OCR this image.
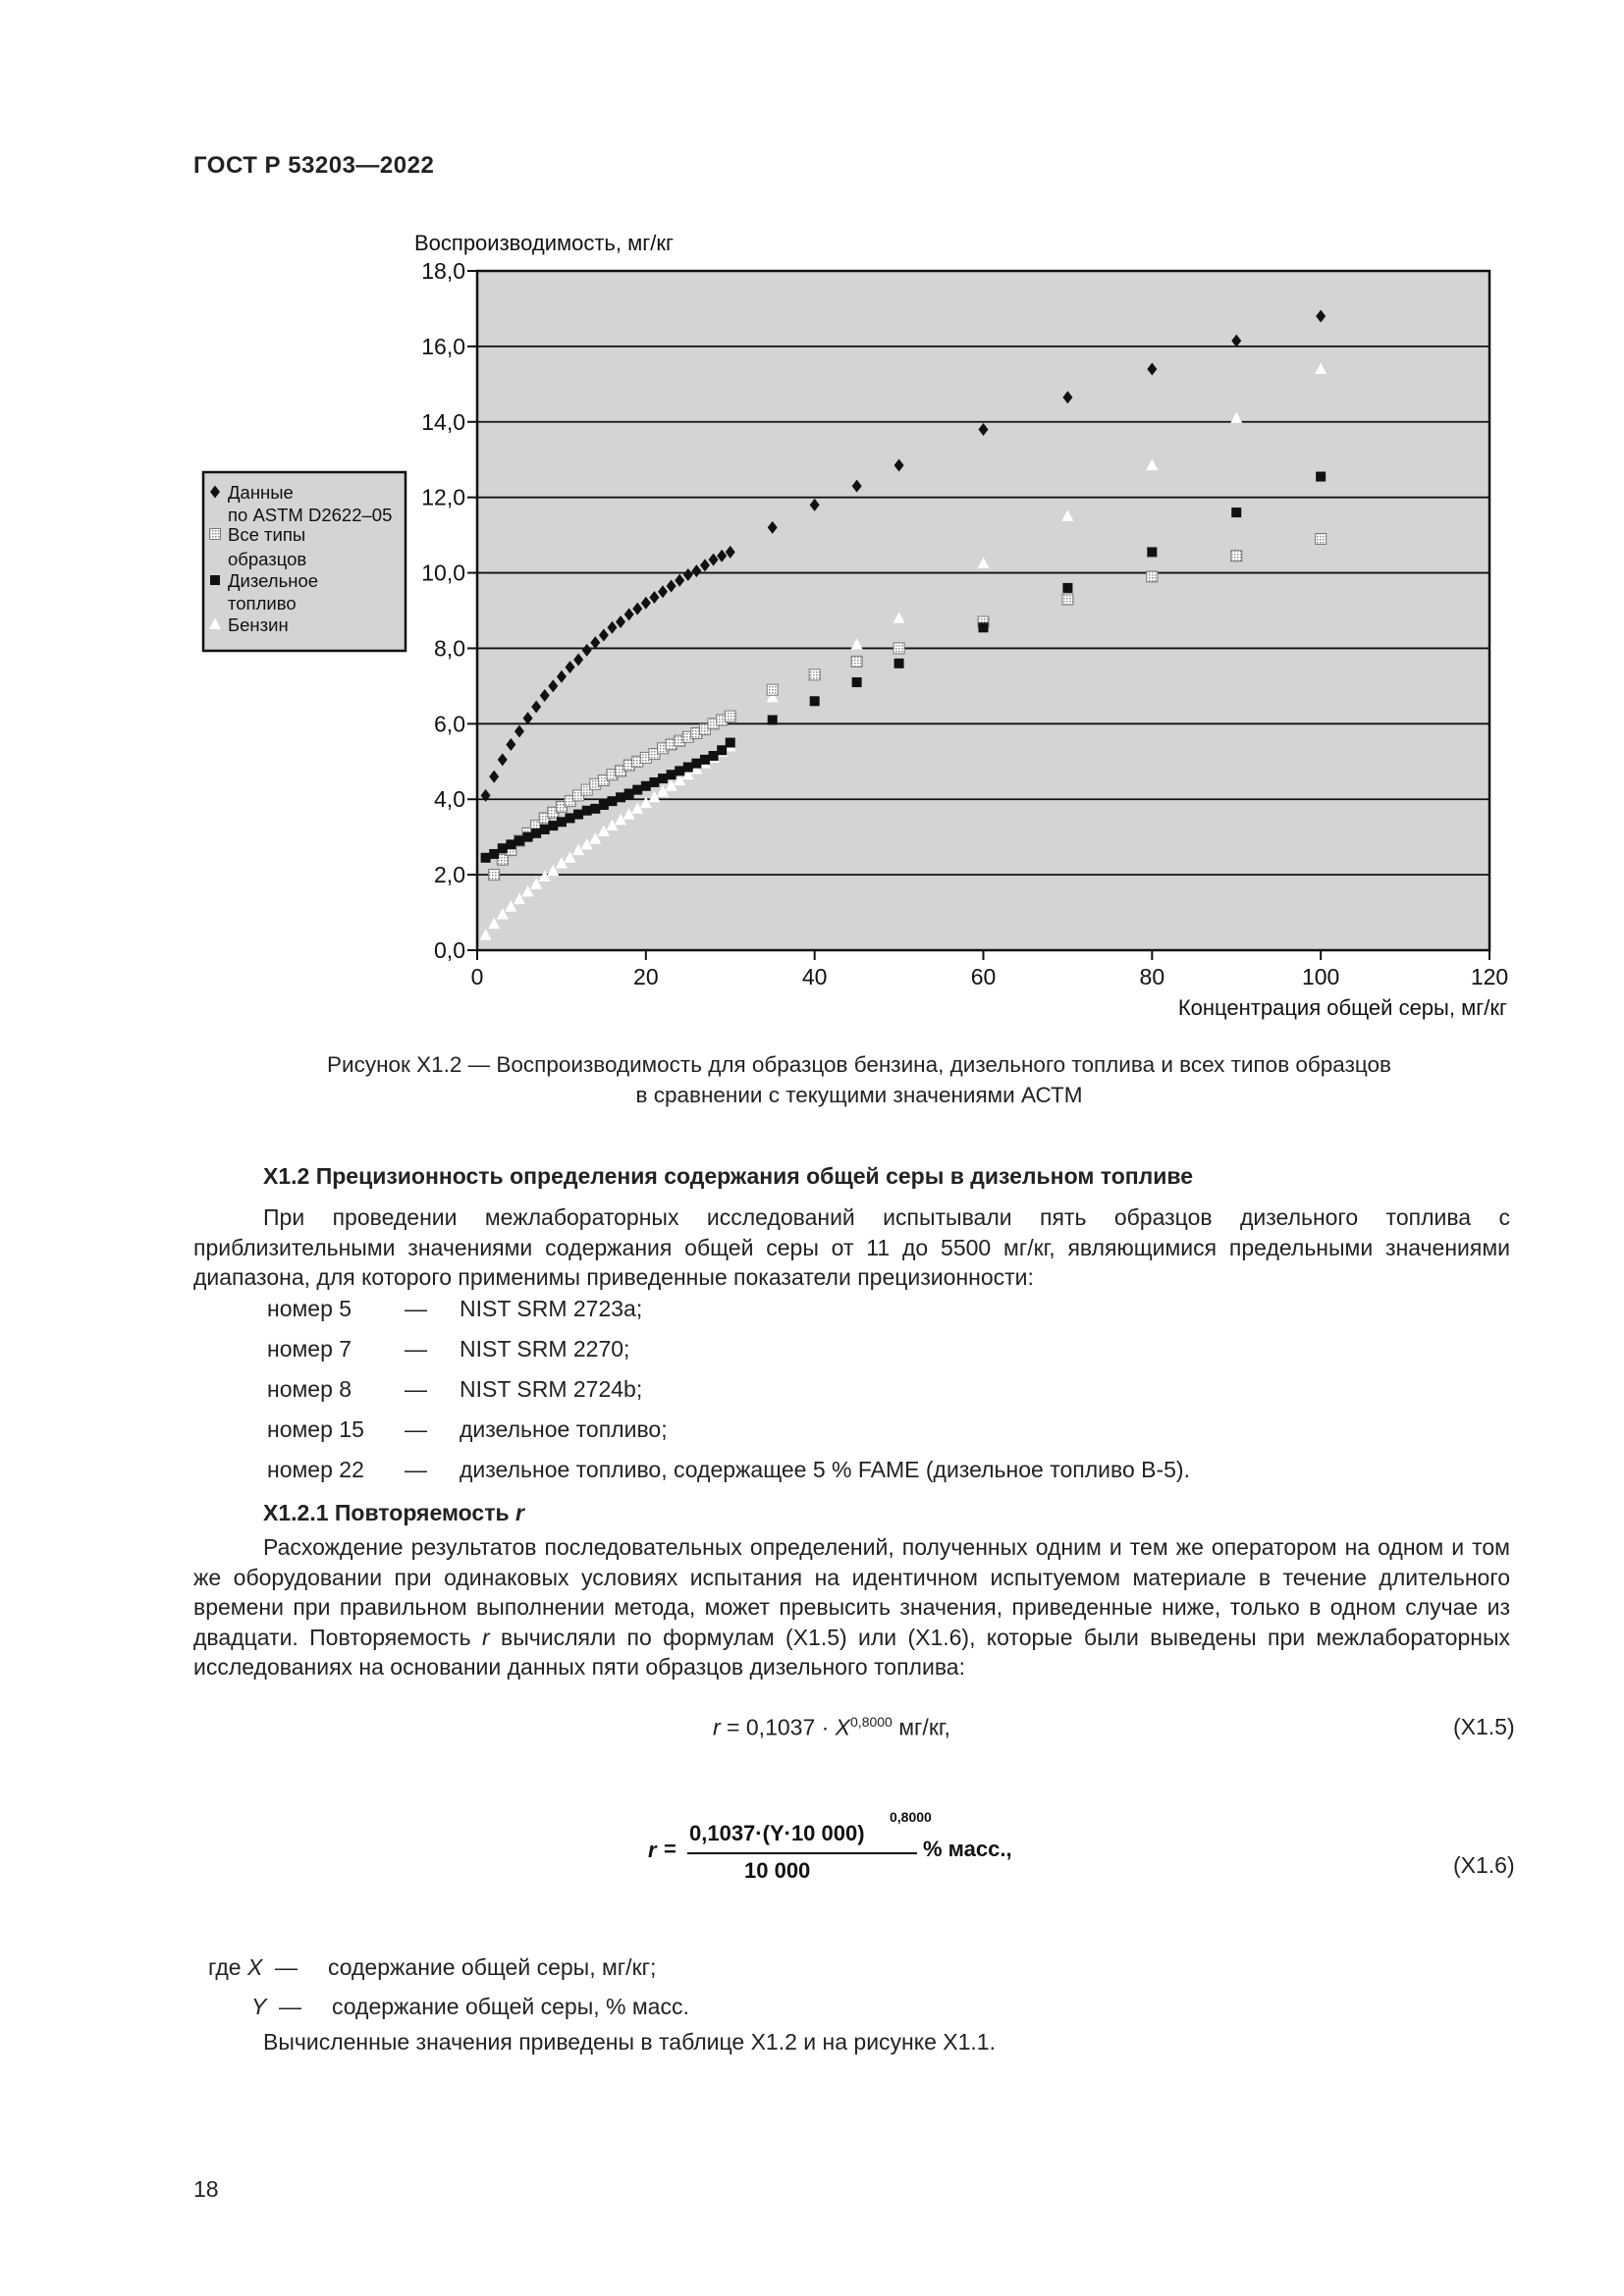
ГОСТ Р 53203—2022
0,0
2,0
4,0
6,0
8,0
10,0
12,0
14,0
16,0
18,0
0	20	40	60	80	100	120
Воспроизводимость, мг/кг
Концентрация общей серы, мг/кг
Данные
по ASTM D2622–05
Все типы
образцов
Дизельное
топливо
Бензин
Рисунок Х1.2 — Воспроизводимость для образцов бензина, дизельного топлива и всех типов образцов
в сравнении с текущими значениями АСТМ
Х1.2 Прецизионность определения содержания общей серы в дизельном топливе
При проведении межлабораторных исследований испытывали пять образцов дизельного топлива с приблизительными значениями содержания общей серы от 11 до 5500 мг/кг, являющимися предельными значениями диапазона, для которого применимы приведенные показатели прецизионности:
номер 5	—	NIST SRM 2723a;
номер 7	—	NIST SRM 2270;
номер 8	—	NIST SRM 2724b;
номер 15	—	дизельное топливо;
номер 22	—	дизельное топливо, содержащее 5 % FAME (дизельное топливо В-5).
Х1.2.1 Повторяемость r
Расхождение результатов последовательных определений, полученных одним и тем же оператором на одном и том же оборудовании при одинаковых условиях испытания на идентичном испытуемом материале в течение длительного времени при правильном выполнении метода, может превысить значения, приведенные ниже, только в одном случае из двадцати. Повторяемость r вычисляли по формулам (Х1.5) или (Х1.6), которые были выведены при межлабораторных исследованиях на основании данных пяти образцов дизельного топлива:
$r = 0,1037 \cdot X^{0,8000}$ мг/кг,	(Х1.5)
r =
0,1037·(Y·10 000)
0,8000
10 000
% масс.,
(Х1.6)
где X — содержание общей серы, мг/кг;
Y — содержание общей серы, % масс.
Вычисленные значения приведены в таблице Х1.2 и на рисунке Х1.1.
18
